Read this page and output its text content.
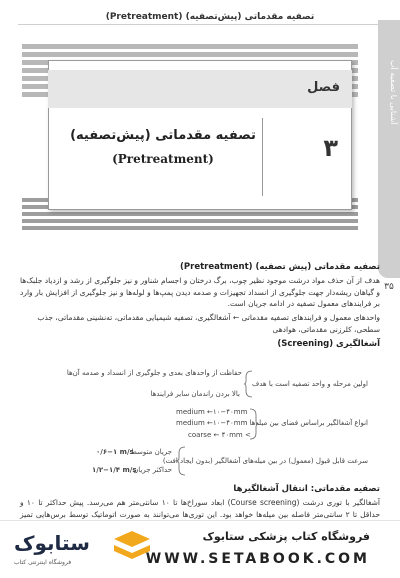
تصفیه مقدماتی (پیش‌تصفیه) (Pretreatment)
آشنایی با تصفیه آب
۳۵
فصل
۳
تصفیه مقدماتی (پیش‌تصفیه)
(Pretreatment)
تصفیه مقدماتی (پیش تصفیه) (Pretreatment)
هدف از آن حذف مواد درشت موجود نظیر چوب، برگ درختان و اجسام شناور و نیز جلوگیری از رشد و ازدیاد جلبک‌ها و گیاهان ریشه‌دار جهت جلوگیری از انسداد تجهیزات و صدمه دیدن پمپ‌ها و لوله‌ها و نیز جلوگیری از افزایش بار وارد بر فرایندهای معمول تصفیه در ادامه جریان است.
واحدهای معمول و فرایندهای تصفیه مقدماتی ← آشغالگیری، تصفیه شیمیایی مقدماتی، ته‌نشینی مقدماتی، جذب سطحی، کلرزنی مقدماتی، هوادهی
آشغالگیری (Screening)
حفاظت از واحدهای بعدی و جلوگیری از انسداد و صدمه آن‌ها
اولین مرحله و واحد تصفیه است با هدف
بالا بردن راندمان سایر فرایندها
medium ←۱۰−۴۰mm
medium ←۱۰−۴۰mm
coarse ← ۴۰mm <
انواع آشغالگیر براساس فضای بین میله‌ها
جریان متوسط
۰/۶−۱ m/s
حداکثر جریان
۱/۲−۱/۴ m/s
سرعت قابل قبول (معمول) در بین میله‌های آشغالگیر (بدون ایجاد افت)
تصفیه مقدماتی: انتقال آشغالگیرها
آشغالگیر با توری درشت (Course screening) ابعاد سوراخ‌ها تا ۱۰ سانتی‌متر هم می‌رسد. پیش حداکثر تا ۱۰ و حداقل تا ۲ سانتی‌متر فاصله بین میله‌ها خواهد بود. این توری‌ها می‌توانند به صورت اتوماتیک توسط برس‌هایی تمیز
فروشگاه کتاب پزشکی ستابوک
WWW.SETABOOK.COM
ستابوک
فروشگاه اینترنتی کتاب
